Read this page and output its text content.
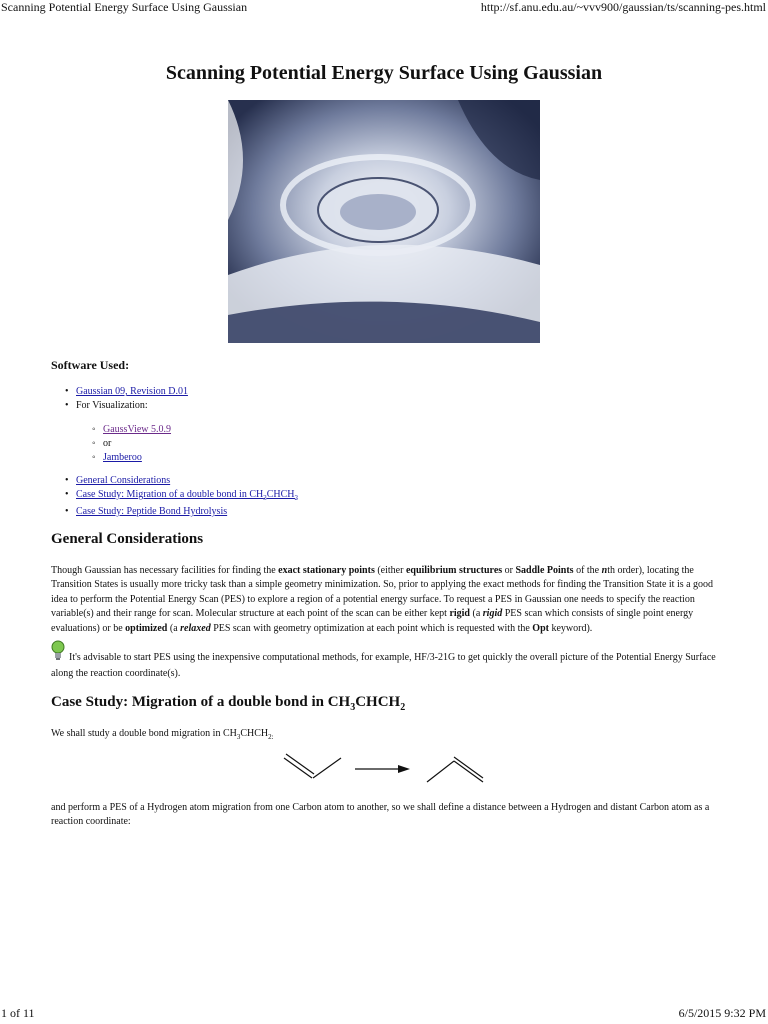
Scanning Potential Energy Surface Using Gaussian	http://sf.anu.edu.au/~vvv900/gaussian/ts/scanning-pes.html
Scanning Potential Energy Surface Using Gaussian
Software Used:
• Gaussian 09, Revision D.01
• For Visualization:
◦ GaussView 5.0.9
◦ or
◦ Jamberoo
• General Considerations
• Case Study: Migration of a double bond in $CH_3CHCH_2$
• Case Study: Peptide Bond Hydrolysis
General Considerations
Though Gaussian has necessary facilities for finding the exact stationary points (either equilibrium structures or Saddle Points of the nth order), locating the Transition States is usually more tricky task than a simple geometry minimization. So, prior to applying the exact methods for finding the Transition State it is a good idea to perform the Potential Energy Scan (PES) to explore a region of a potential energy surface. To request a PES in Gaussian one needs to specify the reaction variable(s) and their range for scan. Molecular structure at each point of the scan can be either kept rigid (a rigid PES scan which consists of single point energy evaluations) or be optimized (a relaxed PES scan with geometry optimization at each point which is requested with the Opt keyword).
It's advisable to start PES using the inexpensive computational methods, for example, HF/3-21G to get quickly the overall picture of the Potential Energy Surface along the reaction coordinate(s).
Case Study: Migration of a double bond in $CH_3CHCH_2$
We shall study a double bond migration in $CH_3CHCH_{2:}$
and perform a PES of a Hydrogen atom migration from one Carbon atom to another, so we shall define a distance between a Hydrogen and distant Carbon atom as a reaction coordinate:
1 of 11	6/5/2015 9:32 PM
